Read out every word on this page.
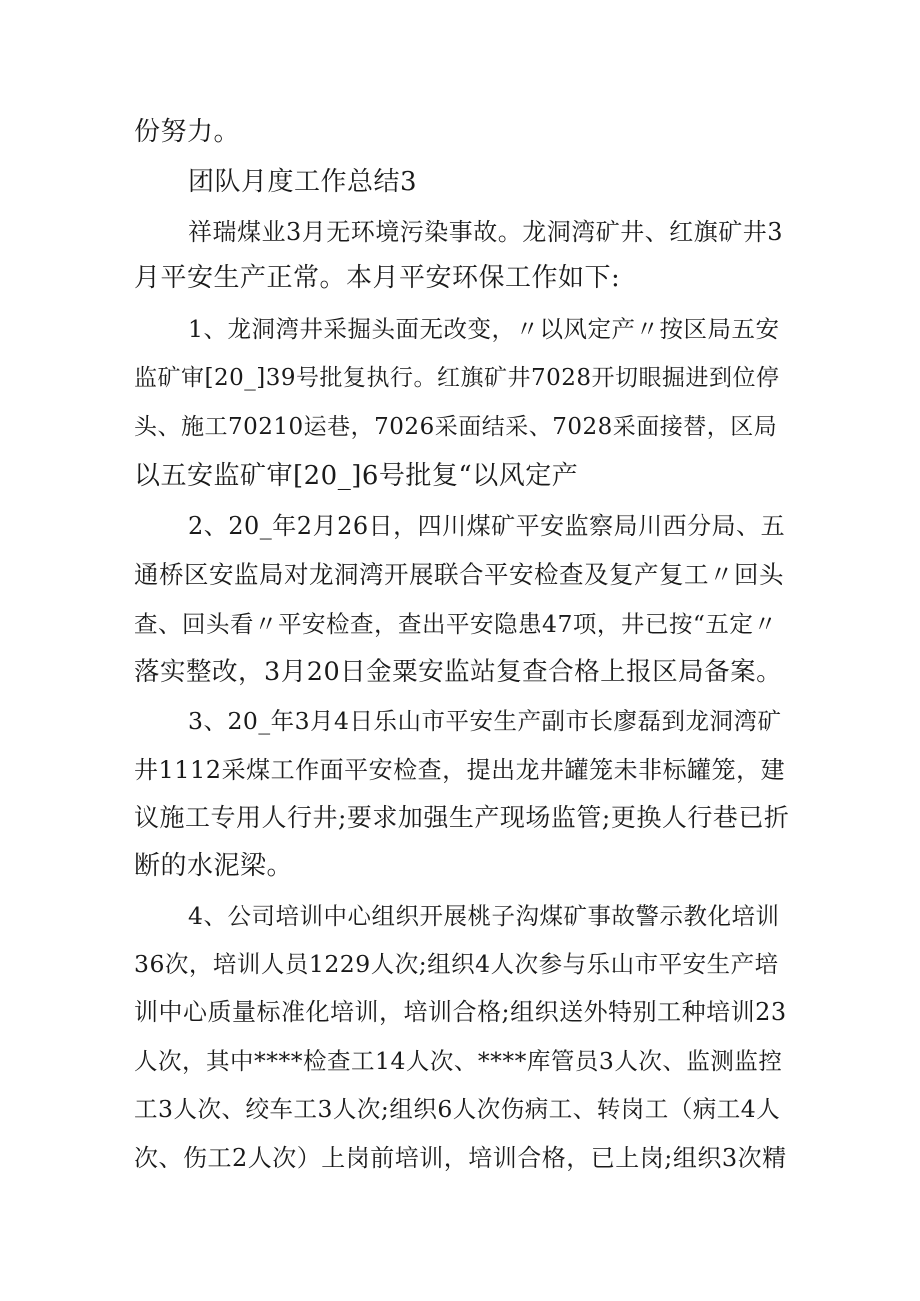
份努力。
团队月度工作总结3
祥瑞煤业3月无环境污染事故。龙洞湾矿井、红旗矿井3
月平安生产正常。本月平安环保工作如下:
1、龙洞湾井采掘头面无改变，〃以风定产〃按区局五安
监矿审[20_]39号批复执行。红旗矿井7028开切眼掘进到位停
头、施工70210运巷，7026采面结采、7028采面接替，区局
以五安监矿审[20_]6号批复“以风定产
2、20_年2月26日，四川煤矿平安监察局川西分局、五
通桥区安监局对龙洞湾开展联合平安检查及复产复工〃回头
查、回头看〃平安检查，查出平安隐患47项，井已按“五定〃
落实整改，3月20日金粟安监站复查合格上报区局备案。
3、20_年3月4日乐山市平安生产副市长廖磊到龙洞湾矿
井1112采煤工作面平安检查，提出龙井罐笼未非标罐笼，建
议施工专用人行井;要求加强生产现场监管;更换人行巷已折
断的水泥梁。
4、公司培训中心组织开展桃子沟煤矿事故警示教化培训
36次，培训人员1229人次;组织4人次参与乐山市平安生产培
训中心质量标准化培训，培训合格;组织送外特别工种培训23
人次，其中****检查工14人次、****库管员3人次、监测监控
工3人次、绞车工3人次;组织6人次伤病工、转岗工（病工4人
次、伤工2人次）上岗前培训，培训合格，已上岗;组织3次精
